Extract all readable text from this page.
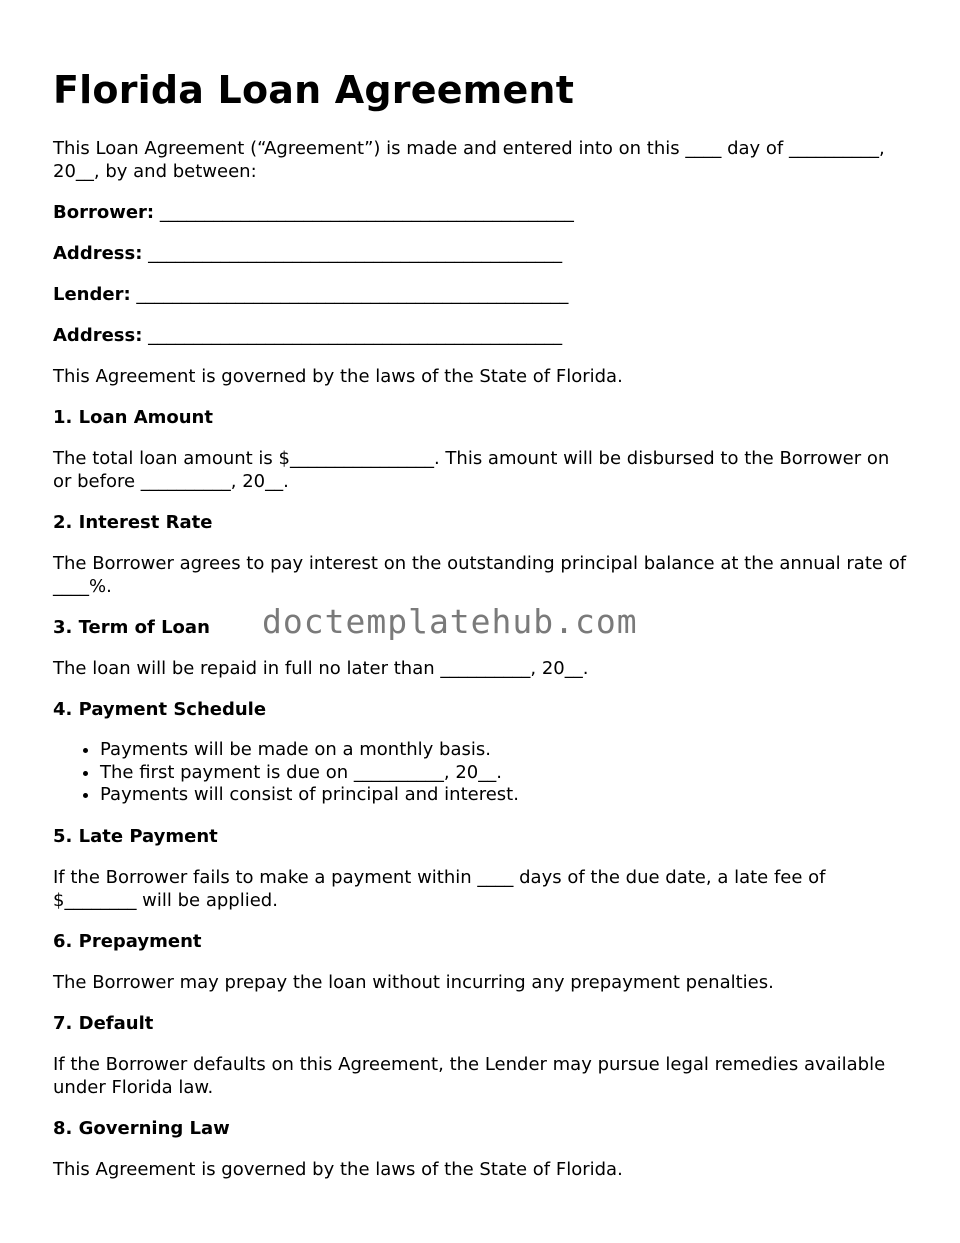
Florida Loan Agreement

This Loan Agreement (“Agreement”) is made and entered into on this ____ day of __________, 20__, by and between:

Borrower: ______________________________________________
Address: ______________________________________________
Lender: ________________________________________________
Address: ______________________________________________

This Agreement is governed by the laws of the State of Florida.

1. Loan Amount

The total loan amount is $________________. This amount will be disbursed to the Borrower on or before __________, 20__.

2. Interest Rate

The Borrower agrees to pay interest on the outstanding principal balance at the annual rate of ____%.

3. Term of Loan

The loan will be repaid in full no later than __________, 20__.

4. Payment Schedule
• Payments will be made on a monthly basis.
• The first payment is due on __________, 20__.
• Payments will consist of principal and interest.
5. Late Payment

If the Borrower fails to make a payment within ____ days of the due date, a late fee of $________ will be applied.

6. Prepayment

The Borrower may prepay the loan without incurring any prepayment penalties.

7. Default

If the Borrower defaults on this Agreement, the Lender may pursue legal remedies available under Florida law.

8. Governing Law

This Agreement is governed by the laws of the State of Florida.

doctemplatehub.com
